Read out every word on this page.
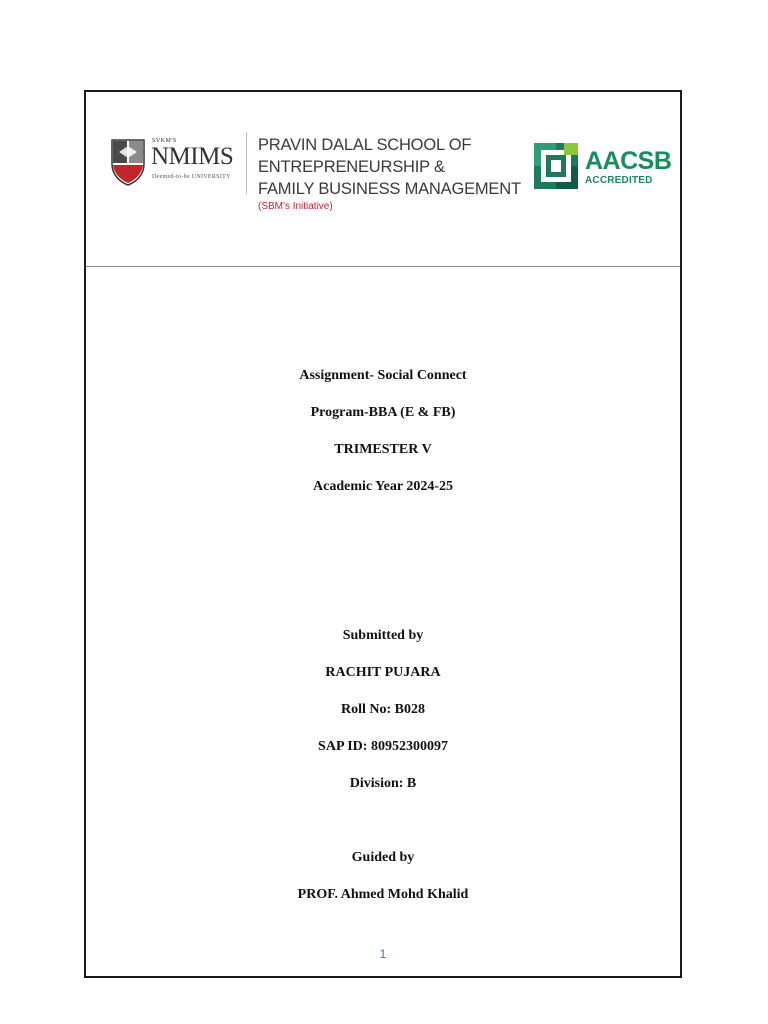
SVKM'S
NMIMS
Deemed-to-be UNIVERSITY
PRAVIN DALAL SCHOOL OF
ENTREPRENEURSHIP &
FAMILY BUSINESS MANAGEMENT
(SBM's Initiative)
AACSB
ACCREDITED
Assignment- Social Connect
Program-BBA (E & FB)
TRIMESTER V
Academic Year 2024-25
Submitted by
RACHIT PUJARA
Roll No: B028
SAP ID: 80952300097
Division: B
Guided by
PROF. Ahmed Mohd Khalid
1
